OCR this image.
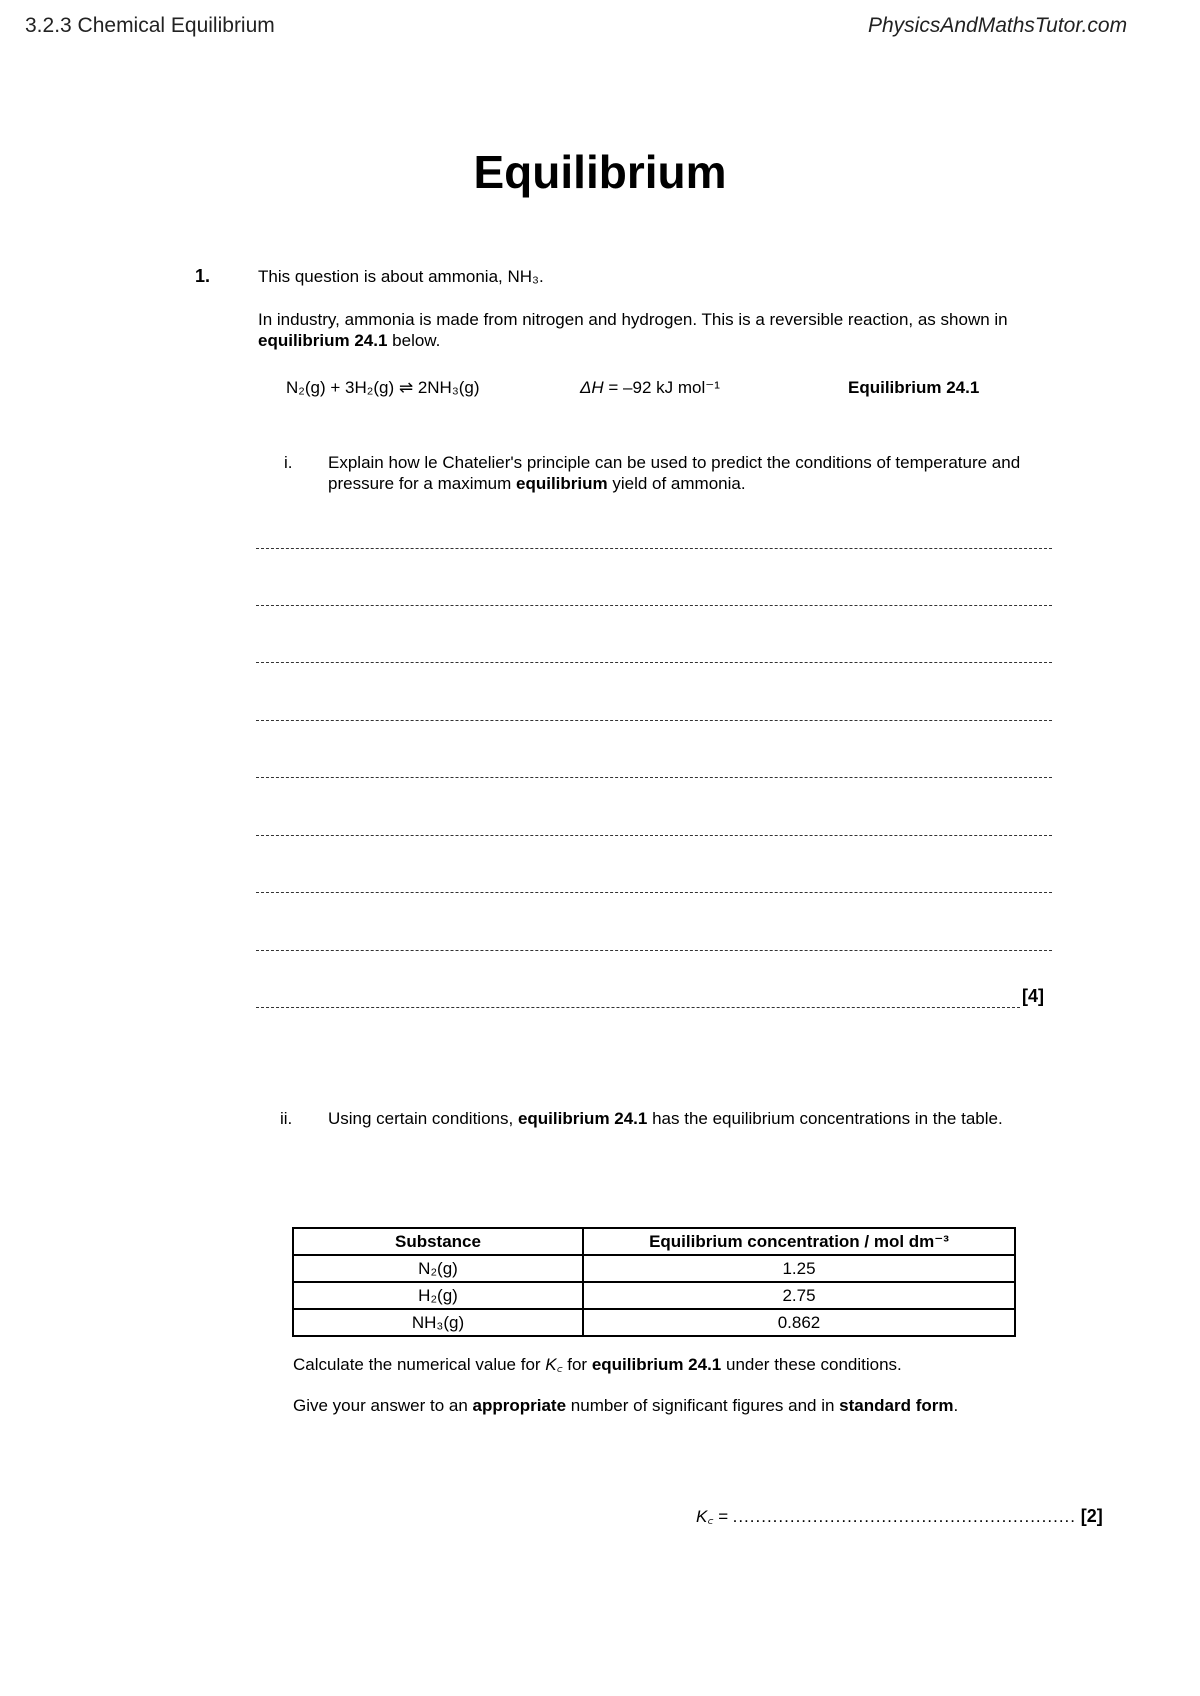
3.2.3 Chemical Equilibrium	PhysicsAndMathsTutor.com
Equilibrium
1.	This question is about ammonia, NH₃.
In industry, ammonia is made from nitrogen and hydrogen. This is a reversible reaction, as shown in equilibrium 24.1 below.
N₂(g) + 3H₂(g) ⇌ 2NH₃(g)	ΔH = –92 kJ mol⁻¹	Equilibrium 24.1
i. Explain how le Chatelier's principle can be used to predict the conditions of temperature and pressure for a maximum equilibrium yield of ammonia.
[4]
ii. Using certain conditions, equilibrium 24.1 has the equilibrium concentrations in the table.
Substance	Equilibrium concentration / mol dm⁻³
N₂(g)	1.25
H₂(g)	2.75
NH₃(g)	0.862
Calculate the numerical value for K꜀ for equilibrium 24.1 under these conditions.
Give your answer to an appropriate number of significant figures and in standard form.
K꜀ = ............................................................ [2]
